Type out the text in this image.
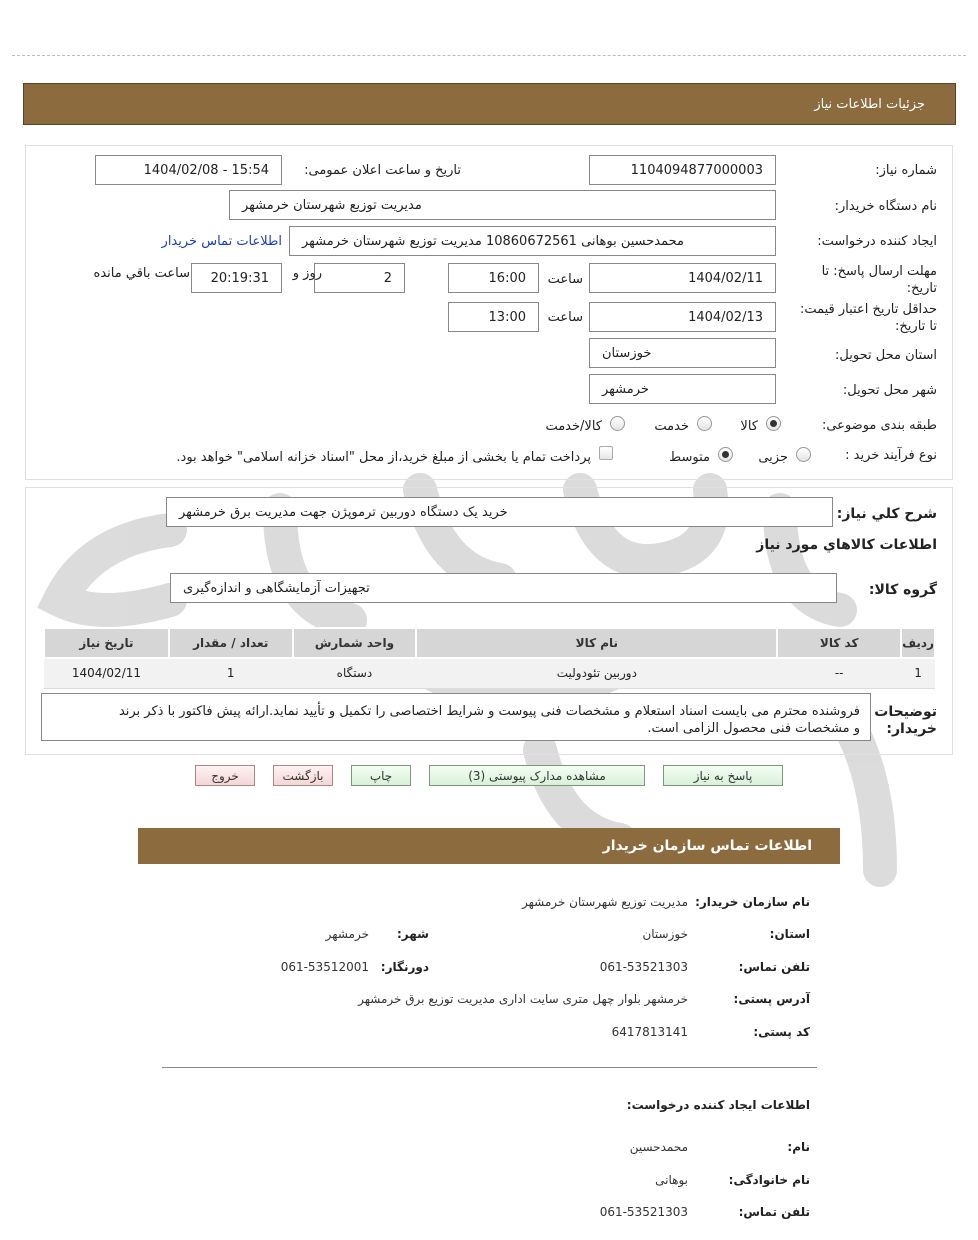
جزئیات اطلاعات نیاز
شماره نیاز:
1104094877000003
تاریخ و ساعت اعلان عمومی:
1404/02/08 - 15:54
نام دستگاه خریدار:
مدیریت توزیع شهرستان خرمشهر
ایجاد کننده درخواست:
محمدحسین بوهانی 10860672561 مدیریت توزیع شهرستان خرمشهر
اطلاعات تماس خریدار
مهلت ارسال پاسخ: تا
تاریخ:
1404/02/11
ساعت
16:00
2
روز و
20:19:31
ساعت باقي مانده
حداقل تاریخ اعتبار قیمت:
تا تاریخ:
1404/02/13
ساعت
13:00
استان محل تحویل:
خوزستان
شهر محل تحویل:
خرمشهر
طبقه بندی موضوعی:
کالا
خدمت
کالا/خدمت
نوع فرآیند خرید :
جزیی
متوسط
پرداخت تمام یا بخشی از مبلغ خرید،از محل "اسناد خزانه اسلامی" خواهد بود.
شرح كلي نياز:
خرید یک دستگاه دوربین ترموپژن جهت مدیریت برق خرمشهر
اطلاعات کالاهاي مورد نياز
گروه کالا:
تجهیزات آزمایشگاهی و اندازه‌گیری
رديف	کد کالا	نام کالا	واحد شمارش	تعداد / مقدار	تاریخ نیاز
1	--	دوربین تئودولیت	دستگاه	1	1404/02/11
توضیحات
خریدار:
فروشنده محترم می بایست اسناد استعلام و مشخصات فنی پیوست و شرایط اختصاصی را تکمیل و تأیید نماید.ارائه پیش فاکتور با ذکر برند
و مشخصات فنی محصول الزامی است.
پاسخ به نیاز
مشاهده مدارک پیوستی (3)
چاپ
بازگشت
خروج
اطلاعات تماس سازمان خریدار
نام سازمان خریدار:
مدیریت توزیع شهرستان خرمشهر
استان:
خوزستان
شهر:
خرمشهر
تلفن تماس:
061-53521303
دورنگار:
061-53512001
آدرس پستی:
خرمشهر بلوار چهل متری سایت اداری مدیریت توزیع برق خرمشهر
کد پستی:
6417813141
اطلاعات ایجاد کننده درخواست:
نام:
محمدحسین
نام خانوادگی:
بوهانی
تلفن تماس:
061-53521303
